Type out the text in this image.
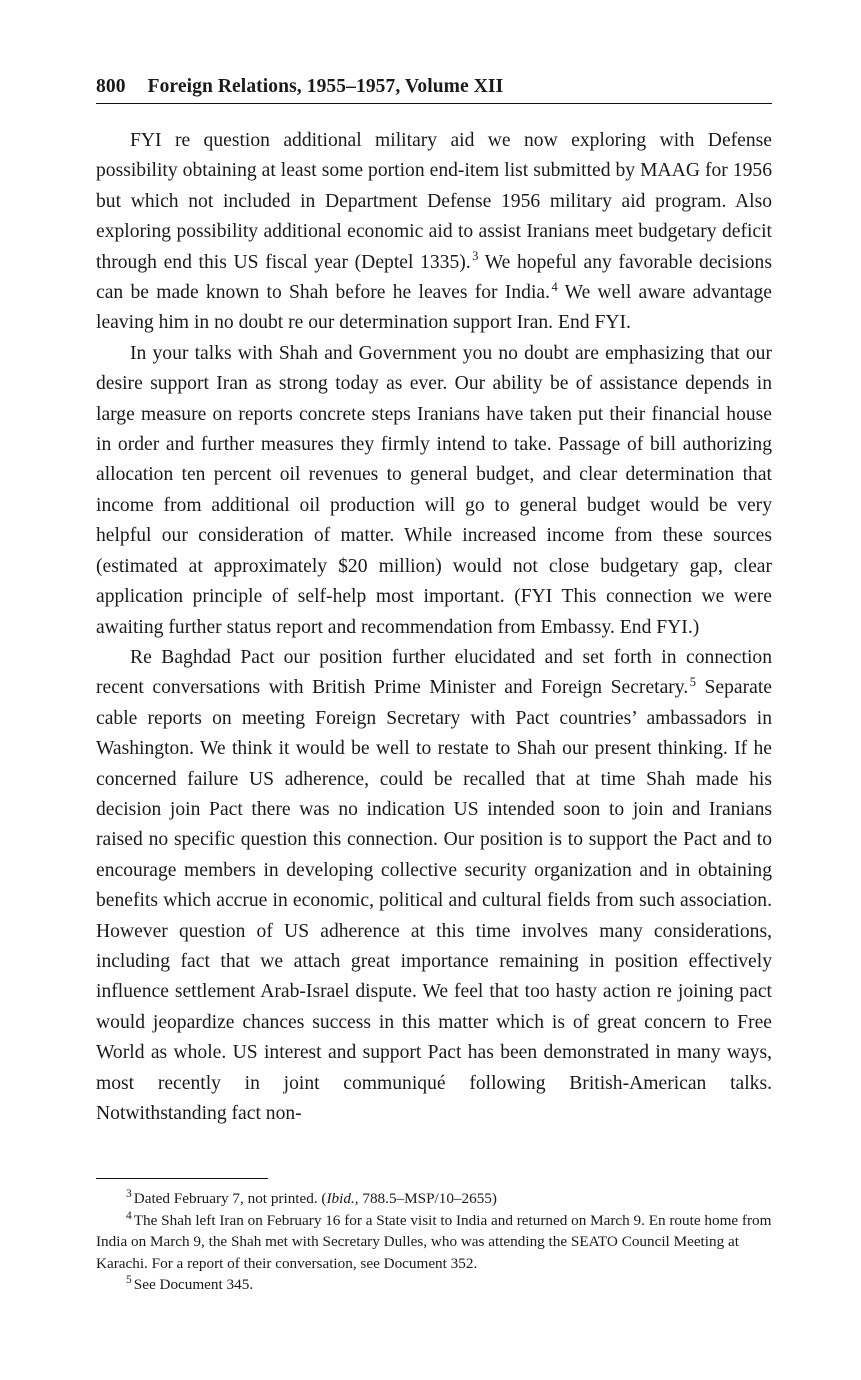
800 Foreign Relations, 1955–1957, Volume XII

FYI re question additional military aid we now exploring with Defense possibility obtaining at least some portion end-item list submitted by MAAG for 1956 but which not included in Department Defense 1956 military aid program. Also exploring possibility additional economic aid to assist Iranians meet budgetary deficit through end this US fiscal year (Deptel 1335). $^3$ We hopeful any favorable decisions can be made known to Shah before he leaves for India. $^4$ We well aware advantage leaving him in no doubt re our determination support Iran. End FYI.

In your talks with Shah and Government you no doubt are emphasizing that our desire support Iran as strong today as ever. Our ability be of assistance depends in large measure on reports concrete steps Iranians have taken put their financial house in order and further measures they firmly intend to take. Passage of bill authorizing allocation ten percent oil revenues to general budget, and clear determination that income from additional oil production will go to general budget would be very helpful our consideration of matter. While increased income from these sources (estimated at approximately $20 million) would not close budgetary gap, clear application principle of self-help most important. (FYI This connection we were awaiting further status report and recommendation from Embassy. End FYI.)

Re Baghdad Pact our position further elucidated and set forth in connection recent conversations with British Prime Minister and Foreign Secretary. $^5$ Separate cable reports on meeting Foreign Secretary with Pact countries’ ambassadors in Washington. We think it would be well to restate to Shah our present thinking. If he concerned failure US adherence, could be recalled that at time Shah made his decision join Pact there was no indication US intended soon to join and Iranians raised no specific question this connection. Our position is to support the Pact and to encourage members in developing collective security organization and in obtaining benefits which accrue in economic, political and cultural fields from such association. However question of US adherence at this time involves many considerations, including fact that we attach great importance remaining in position effectively influence settlement Arab-Israel dispute. We feel that too hasty action re joining pact would jeopardize chances success in this matter which is of great concern to Free World as whole. US interest and support Pact has been demonstrated in many ways, most recently in joint communiqué following British-American talks. Notwithstanding fact non-

$^3$ Dated February 7, not printed. (Ibid., 788.5–MSP/10–2655)

$^4$ The Shah left Iran on February 16 for a State visit to India and returned on March 9. En route home from India on March 9, the Shah met with Secretary Dulles, who was attending the SEATO Council Meeting at Karachi. For a report of their conversation, see Document 352.

$^5$ See Document 345.
